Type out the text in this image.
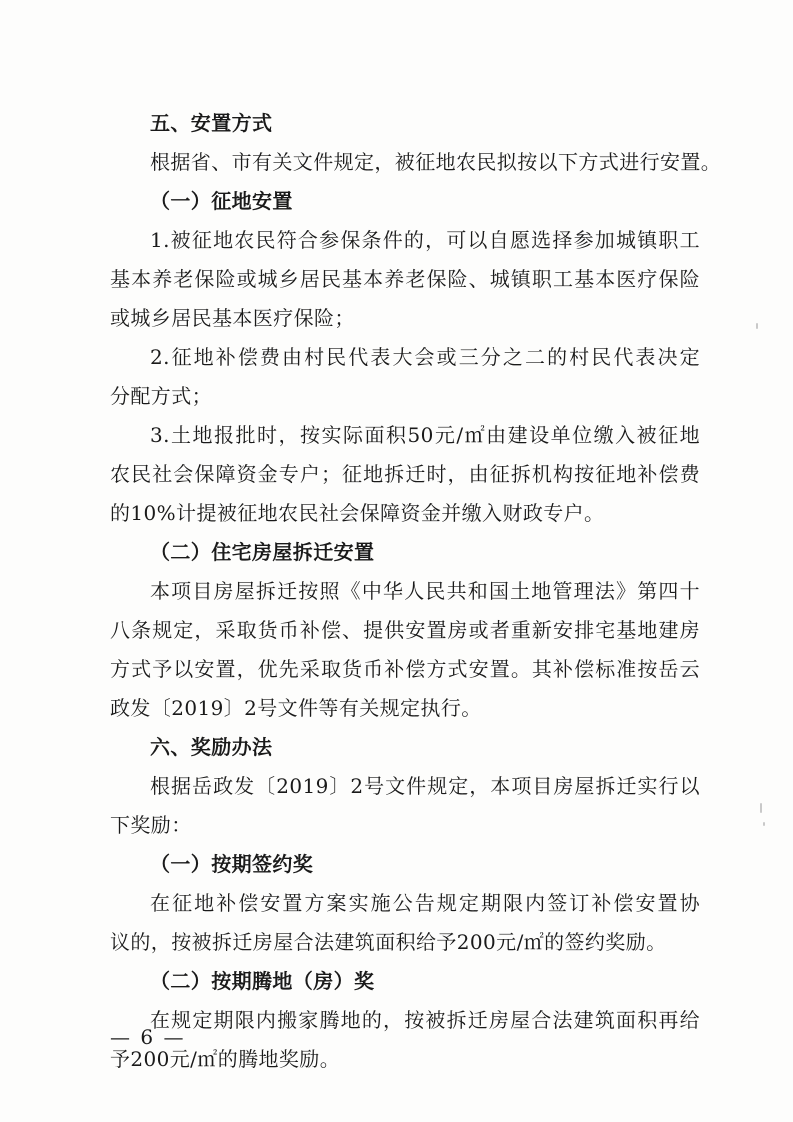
五、安置方式
根据省、市有关文件规定，被征地农民拟按以下方式进行安置。
（一）征地安置
1.被征地农民符合参保条件的，可以自愿选择参加城镇职工
基本养老保险或城乡居民基本养老保险、城镇职工基本医疗保险
或城乡居民基本医疗保险；
2.征地补偿费由村民代表大会或三分之二的村民代表决定
分配方式；
3.土地报批时，按实际面积50元/㎡由建设单位缴入被征地
农民社会保障资金专户；征地拆迁时，由征拆机构按征地补偿费
的10%计提被征地农民社会保障资金并缴入财政专户。
（二）住宅房屋拆迁安置
本项目房屋拆迁按照《中华人民共和国土地管理法》第四十
八条规定，采取货币补偿、提供安置房或者重新安排宅基地建房
方式予以安置，优先采取货币补偿方式安置。其补偿标准按岳云
政发〔2019〕2号文件等有关规定执行。
六、奖励办法
根据岳政发〔2019〕2号文件规定，本项目房屋拆迁实行以
下奖励：
（一）按期签约奖
在征地补偿安置方案实施公告规定期限内签订补偿安置协
议的，按被拆迁房屋合法建筑面积给予200元/㎡的签约奖励。
（二）按期腾地（房）奖
在规定期限内搬家腾地的，按被拆迁房屋合法建筑面积再给
予200元/㎡的腾地奖励。
— 6 —
